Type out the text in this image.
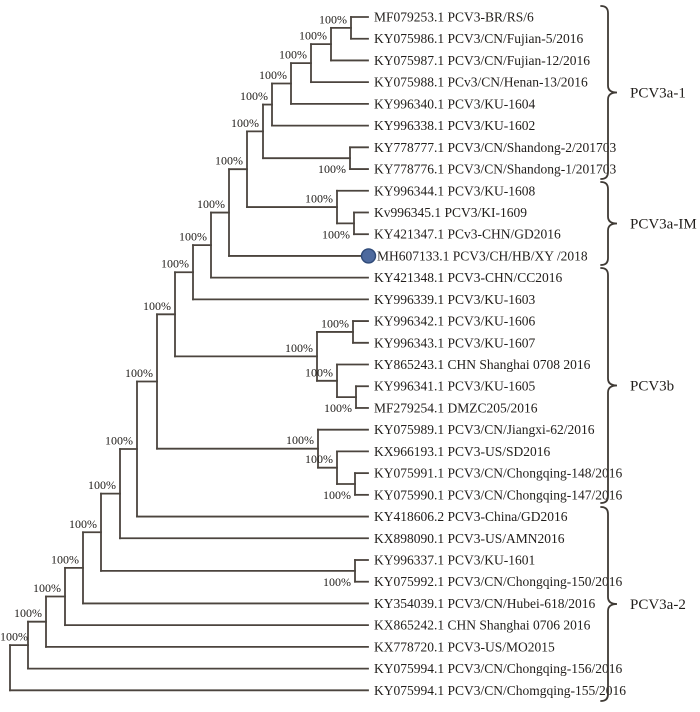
100%
100%
100%
100%
100%
100%
100%
100%
100%
100%
100%
100%
100%
100%
100%
100%
100%
100%
100%
100%
100%
100%
100%
100%
100%
100%
100%
100%
100%
100%
MF079253.1 PCV3-BR/RS/6
KY075986.1 PCV3/CN/Fujian-5/2016
KY075987.1 PCV3/CN/Fujian-12/2016
KY075988.1 PCv3/CN/Henan-13/2016
KY996340.1 PCV3/KU-1604
KY996338.1 PCV3/KU-1602
KY778777.1 PCV3/CN/Shandong-2/201703
KY778776.1 PCV3/CN/Shandong-1/201703
KY996344.1 PCV3/KU-1608
Kv996345.1 PCV3/KI-1609
KY421347.1 PCv3-CHN/GD2016
MH607133.1 PCV3/CH/HB/XY /2018
KY421348.1 PCV3-CHN/CC2016
KY996339.1 PCV3/KU-1603
KY996342.1 PCV3/KU-1606
KY996343.1 PCV3/KU-1607
KY865243.1 CHN Shanghai 0708 2016
KY996341.1 PCV3/KU-1605
MF279254.1 DMZC205/2016
KY075989.1 PCV3/CN/Jiangxi-62/2016
KX966193.1 PCV3-US/SD2016
KY075991.1 PCV3/CN/Chongqing-148/2016
KY075990.1 PCV3/CN/Chongqing-147/2016
KY418606.2 PCV3-China/GD2016
KX898090.1 PCV3-US/AMN2016
KY996337.1 PCV3/KU-1601
KY075992.1 PCV3/CN/Chongqing-150/2016
KY354039.1 PCV3/CN/Hubei-618/2016
KX865242.1 CHN Shanghai 0706 2016
KX778720.1 PCV3-US/MO2015
KY075994.1 PCV3/CN/Chongqing-156/2016
KY075994.1 PCV3/CN/Chomgqing-155/2016
PCV3a-1
PCV3a-IM
PCV3b
PCV3a-2
